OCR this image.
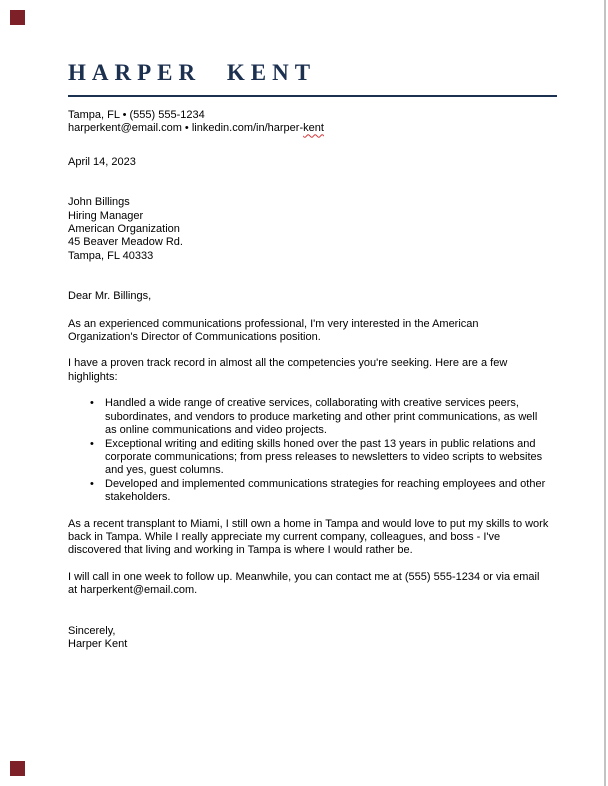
HARPER KENT
Tampa, FL • (555) 555-1234
harperkent@email.com • linkedin.com/in/harper-kent
April 14, 2023
John Billings
Hiring Manager
American Organization
45 Beaver Meadow Rd.
Tampa, FL 40333
Dear Mr. Billings,

As an experienced communications professional, I'm very interested in the American Organization's Director of Communications position.

I have a proven track record in almost all the competencies you're seeking. Here are a few highlights:

• Handled a wide range of creative services, collaborating with creative services peers, subordinates, and vendors to produce marketing and other print communications, as well as online communications and video projects.
• Exceptional writing and editing skills honed over the past 13 years in public relations and corporate communications; from press releases to newsletters to video scripts to websites and yes, guest columns.
• Developed and implemented communications strategies for reaching employees and other stakeholders.

As a recent transplant to Miami, I still own a home in Tampa and would love to put my skills to work back in Tampa. While I really appreciate my current company, colleagues, and boss - I've discovered that living and working in Tampa is where I would rather be.

I will call in one week to follow up. Meanwhile, you can contact me at (555) 555-1234 or via email at harperkent@email.com.

Sincerely,
Harper Kent
